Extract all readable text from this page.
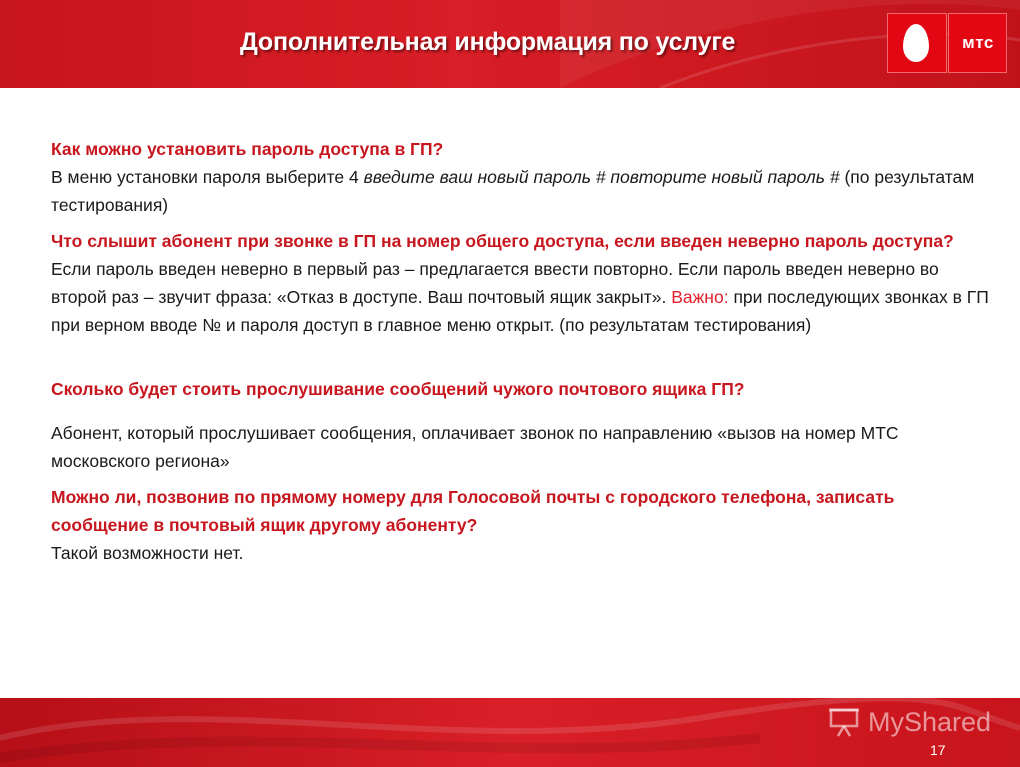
Дополнительная информация по услуге	мтс

Как можно установить пароль доступа в ГП?

В меню установки пароля выберите 4 введите ваш новый пароль # повторите новый пароль # (по результатам тестирования)

Что слышит абонент при звонке в ГП на номер общего доступа, если введен неверно пароль доступа?

Если пароль введен неверно в первый раз – предлагается ввести повторно. Если пароль введен неверно во второй раз – звучит фраза: «Отказ в доступе. Ваш почтовый ящик закрыт». Важно: при последующих звонках в ГП при верном вводе № и пароля доступ в главное меню открыт. (по результатам тестирования)

Сколько будет стоить прослушивание сообщений чужого почтового ящика ГП?

Абонент, который прослушивает сообщения, оплачивает звонок по направлению «вызов на номер МТС московского региона»

Можно ли, позвонив по прямому номеру для Голосовой почты с городского телефона, записать сообщение в почтовый ящик другому абоненту?

Такой возможности нет.

MyShared
17
